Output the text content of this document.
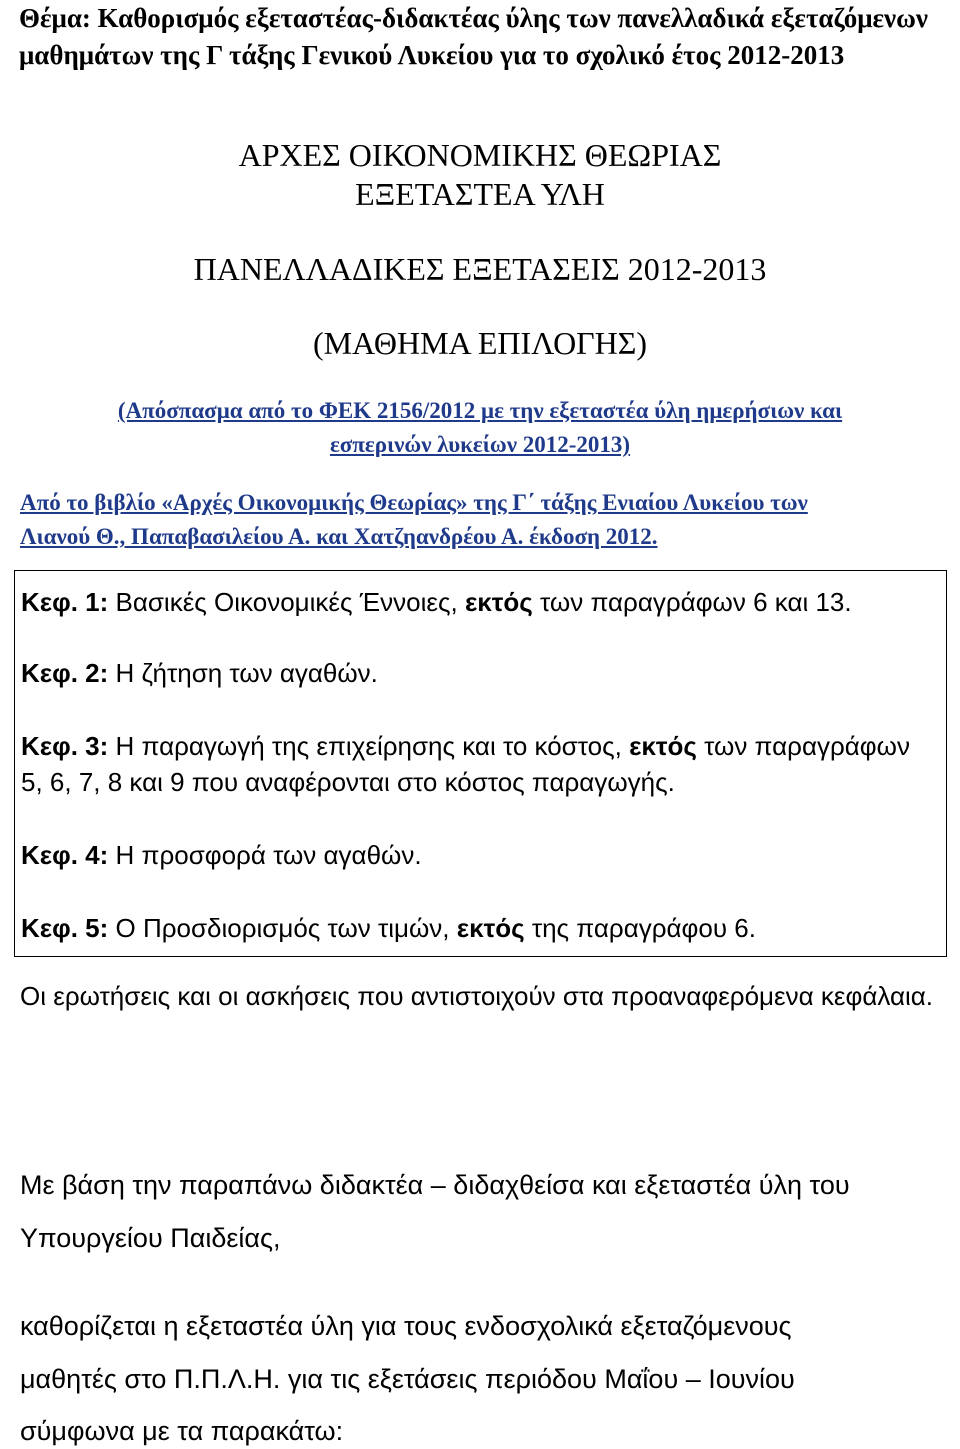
Θέμα: Καθορισμός εξεταστέας-διδακτέας ύλης των πανελλαδικά εξεταζόμενων μαθημάτων της Γ τάξης Γενικού Λυκείου για το σχολικό έτος 2012-2013
ΑΡΧΕΣ ΟΙΚΟΝΟΜΙΚΗΣ ΘΕΩΡΙΑΣ
ΕΞΕΤΑΣΤΕΑ ΥΛΗ
ΠΑΝΕΛΛΑΔΙΚΕΣ ΕΞΕΤΑΣΕΙΣ 2012-2013
(ΜΑΘΗΜΑ ΕΠΙΛΟΓΗΣ)
(Απόσπασμα από το ΦΕΚ 2156/2012 με την εξεταστέα ύλη ημερήσιων και
εσπερινών λυκείων 2012-2013)
Από το βιβλίο «Αρχές Οικονομικής Θεωρίας» της Γ΄ τάξης Ενιαίου Λυκείου των
Λιανού Θ., Παπαβασιλείου Α. και Χατζηανδρέου Α. έκδοση 2012.
Κεφ. 1: Βασικές Οικονομικές Έννοιες, εκτός των παραγράφων 6 και 13.
Κεφ. 2: Η ζήτηση των αγαθών.
Κεφ. 3: Η παραγωγή της επιχείρησης και το κόστος, εκτός των παραγράφων 5, 6, 7, 8 και 9 που αναφέρονται στο κόστος παραγωγής.
Κεφ. 4: Η προσφορά των αγαθών.
Κεφ. 5: Ο Προσδιορισμός των τιμών, εκτός της παραγράφου 6.
Οι ερωτήσεις και οι ασκήσεις που αντιστοιχούν στα προαναφερόμενα κεφάλαια.
Με βάση την παραπάνω διδακτέα – διδαχθείσα και εξεταστέα ύλη του
Υπουργείου Παιδείας,
καθορίζεται η εξεταστέα ύλη για τους ενδοσχολικά εξεταζόμενους
μαθητές στο Π.Π.Λ.Η. για τις εξετάσεις περιόδου Μαΐου – Ιουνίου
σύμφωνα με τα παρακάτω:
